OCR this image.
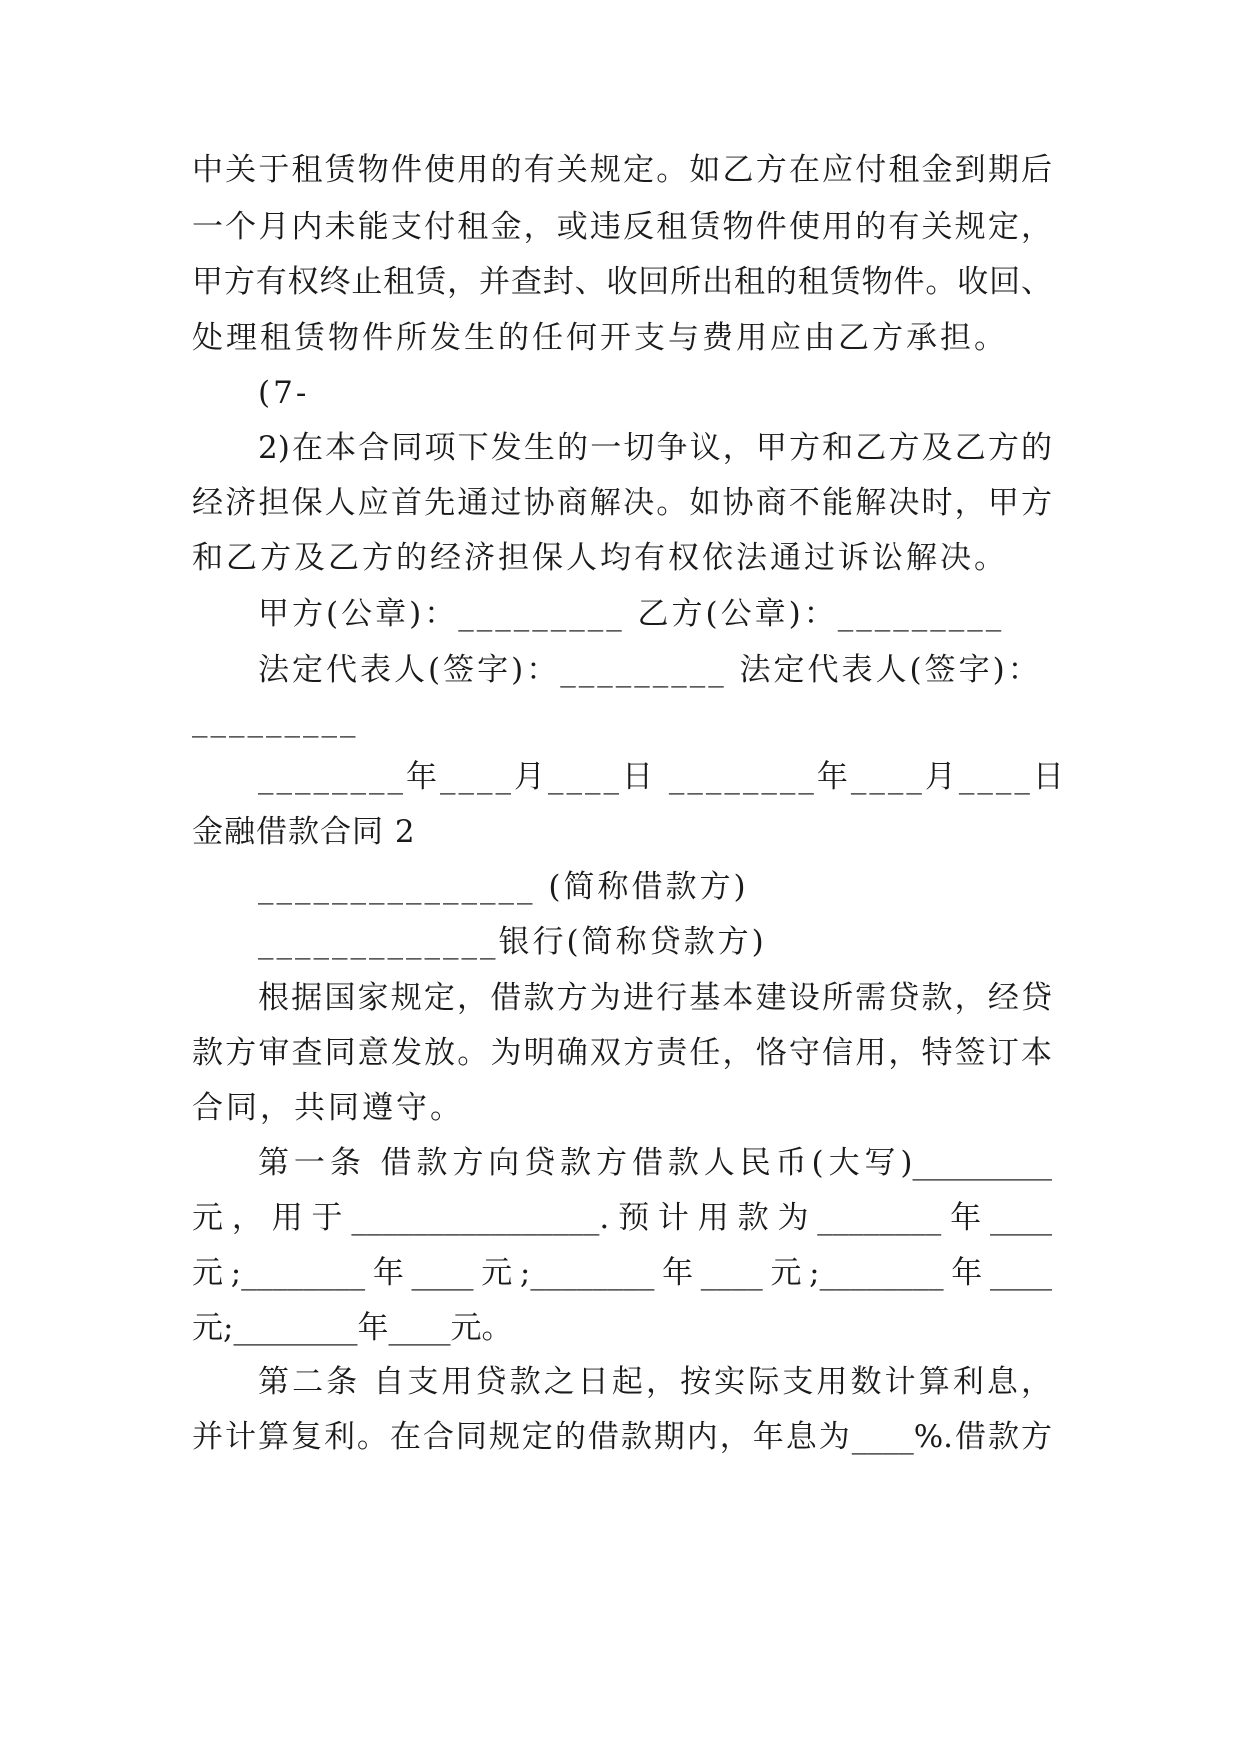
中关于租赁物件使用的有关规定。如乙方在应付租金到期后
一个月内未能支付租金，或违反租赁物件使用的有关规定，
甲方有权终止租赁，并查封、收回所出租的租赁物件。收回、
处理租赁物件所发生的任何开支与费用应由乙方承担。
(7-
2)在本合同项下发生的一切争议，甲方和乙方及乙方的
经济担保人应首先通过协商解决。如协商不能解决时，甲方
和乙方及乙方的经济担保人均有权依法通过诉讼解决。
甲方(公章)：_________ 乙方(公章)：_________
法定代表人(签字)：_________ 法定代表人(签字)：
_________
________年____月____日 ________年____月____日
金融借款合同 2
_______________ (简称借款方)
_____________银行(简称贷款方)
根据国家规定，借款方为进行基本建设所需贷款，经贷
款方审查同意发放。为明确双方责任，恪守信用，特签订本
合同，共同遵守。
第一条 借款方向贷款方借款人民币(大写)_________
元，用于________________.预计用款为________年____
元;________年____元;________年____元;________年____
元;________年____元。
第二条 自支用贷款之日起，按实际支用数计算利息，
并计算复利。在合同规定的借款期内，年息为____%.借款方
